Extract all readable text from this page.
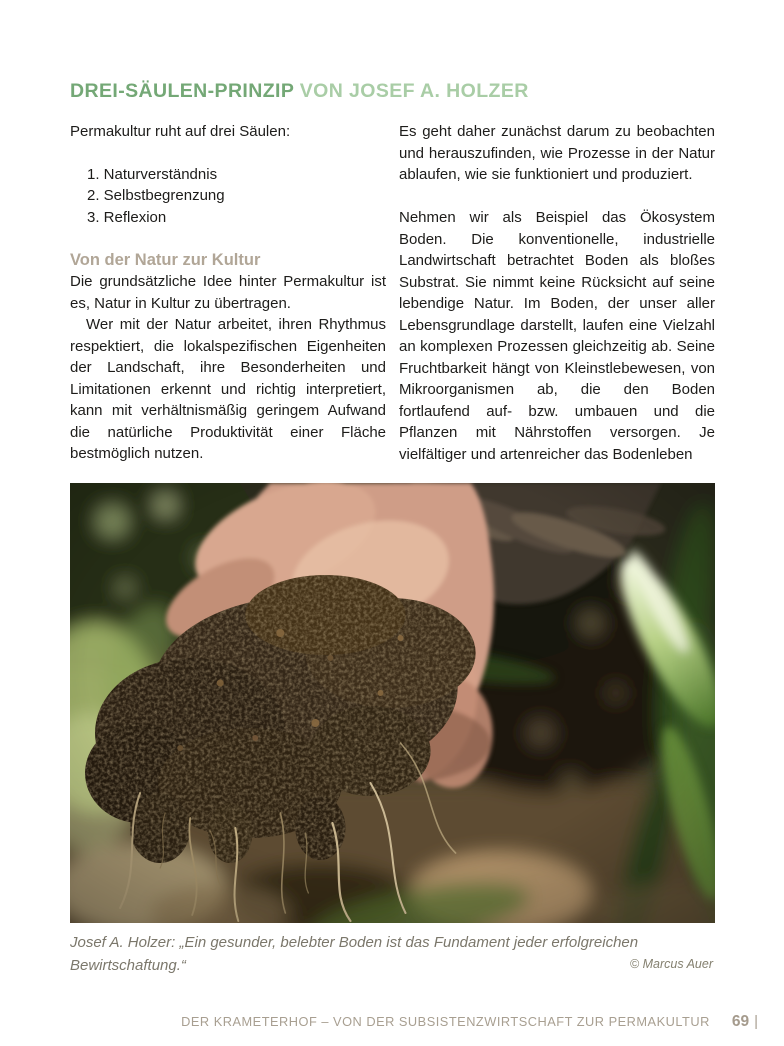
DREI-SÄULEN-PRINZIP VON JOSEF A. HOLZER

Permakultur ruht auf drei Säulen:

1. Naturverständnis
2. Selbstbegrenzung
3. Reflexion
Von der Natur zur Kultur

Die grundsätzliche Idee hinter Permakultur ist es, Natur in Kultur zu übertragen.

Wer mit der Natur arbeitet, ihren Rhythmus respektiert, die lokalspezifischen Eigenheiten der Landschaft, ihre Besonderheiten und Limitationen erkennt und richtig interpretiert, kann mit verhältnismäßig geringem Aufwand die natürliche Produktivität einer Fläche bestmöglich nutzen.

Es geht daher zunächst darum zu beobachten und herauszufinden, wie Prozesse in der Natur ablaufen, wie sie funktioniert und produziert.

Nehmen wir als Beispiel das Ökosystem Boden. Die konventionelle, industrielle Landwirtschaft betrachtet Boden als bloßes Substrat. Sie nimmt keine Rücksicht auf seine lebendige Natur. Im Boden, der unser aller Lebensgrundlage darstellt, laufen eine Vielzahl an komplexen Prozessen gleichzeitig ab. Seine Fruchtbarkeit hängt von Kleinstlebewesen, von Mikroorganismen ab, die den Boden fortlaufend auf- bzw. umbauen und die Pflanzen mit Nährstoffen versorgen. Je vielfältiger und artenreicher das Bodenleben

Josef A. Holzer: „Ein gesunder, belebter Boden ist das Fundament jeder erfolgreichen Bewirtschaftung.“	© Marcus Auer
DER KRAMETERHOF – VON DER SUBSISTENZWIRTSCHAFT ZUR PERMAKULTUR 69 |
